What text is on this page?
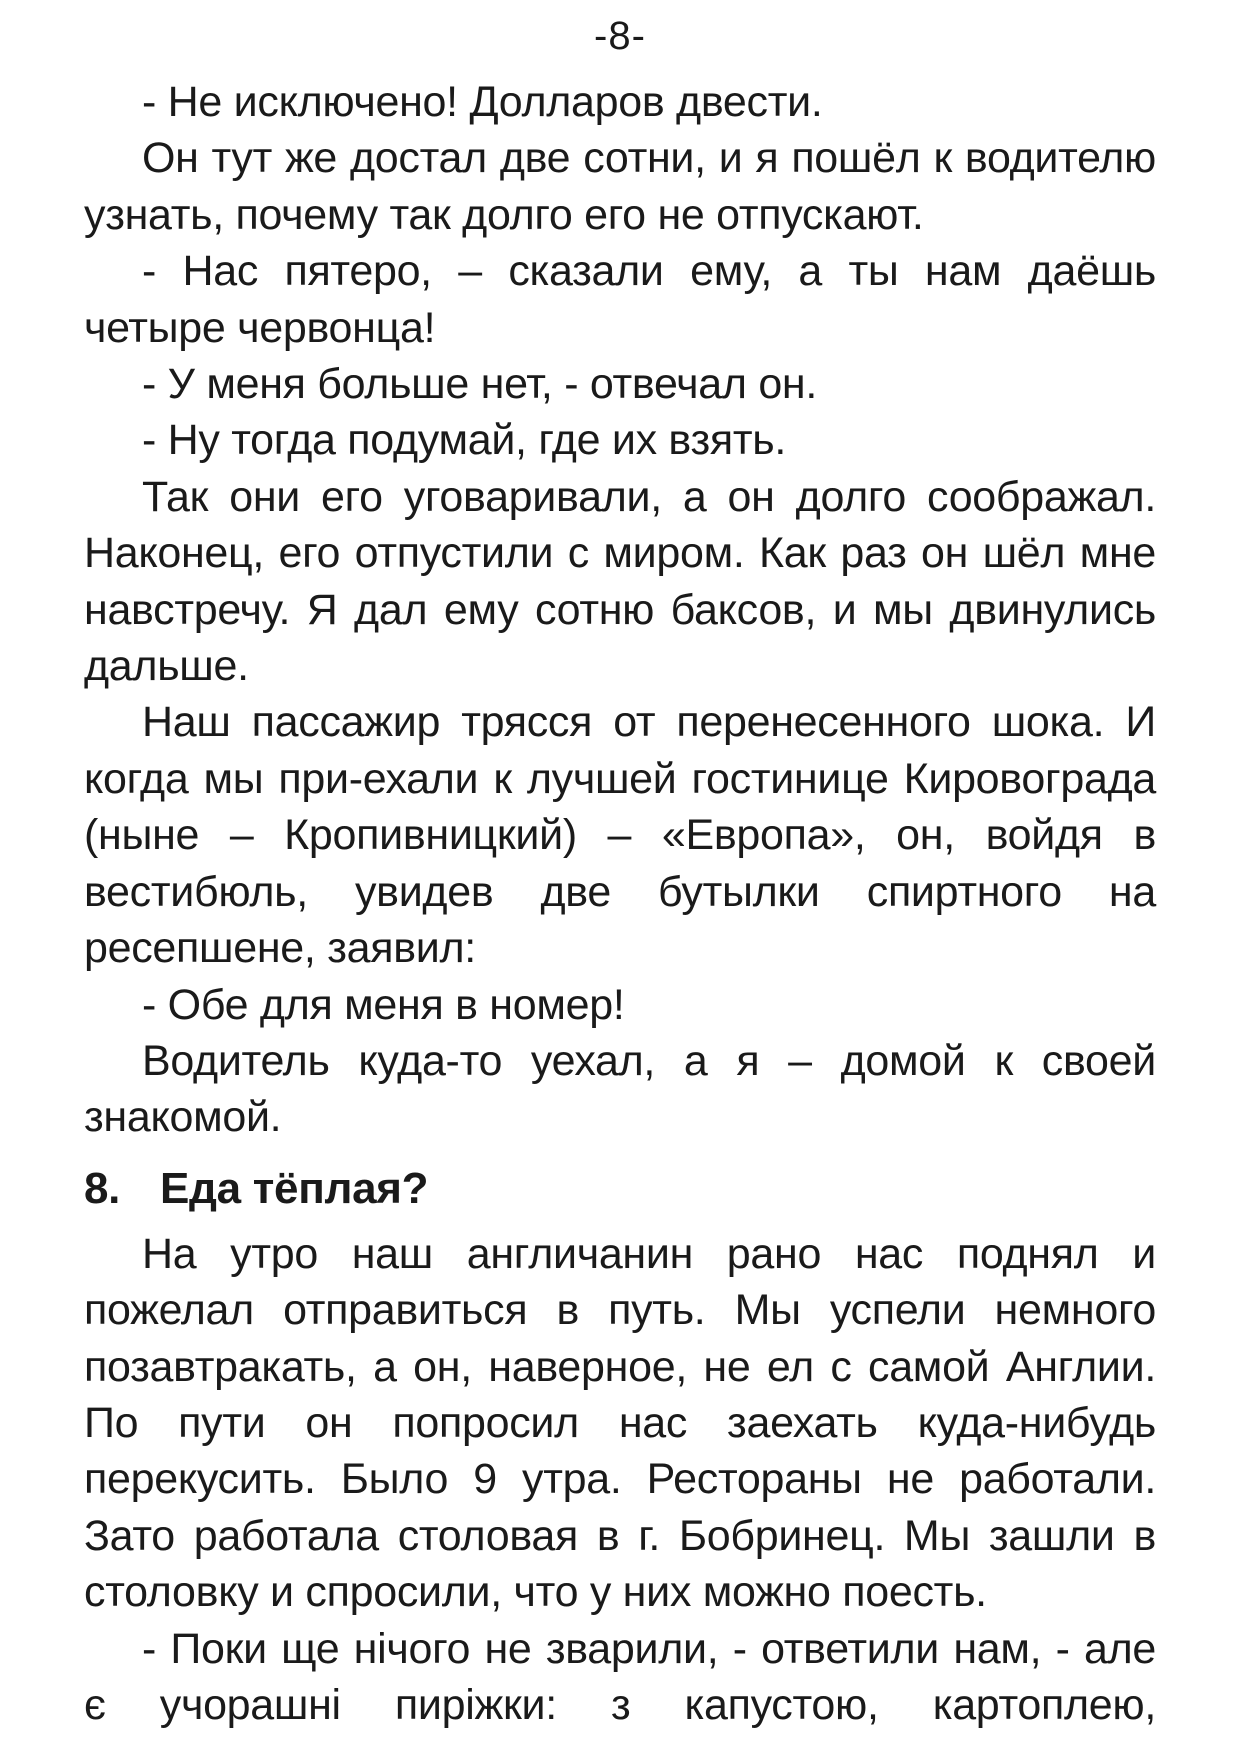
-8-

- Не исключено! Долларов двести.

Он тут же достал две сотни, и я пошёл к водителю узнать, почему так долго его не отпускают.

- Нас пятеро, – сказали ему, а ты нам даёшь четыре червонца!

- У меня больше нет, - отвечал он.

- Ну тогда подумай, где их взять.

Так они его уговаривали, а он долго соображал. Наконец, его отпустили с миром. Как раз он шёл мне навстречу. Я дал ему сотню баксов, и мы двинулись дальше.

Наш пассажир трясся от перенесенного шока. И когда мы при-ехали к лучшей гостинице Кировограда (ныне – Кропивницкий) – «Европа», он, войдя в вестибюль, увидев две бутылки спиртного на ресепшене, заявил:

- Обе для меня в номер!

Водитель куда-то уехал, а я – домой к своей знакомой.

8. Еда тёплая?

На утро наш англичанин рано нас поднял и пожелал отправиться в путь. Мы успели немного позавтракать, а он, наверное, не ел с самой Англии. По пути он попросил нас заехать куда-нибудь перекусить. Было 9 утра. Рестораны не работали. Зато работала столовая в г. Бобринец. Мы зашли в столовку и спросили, что у них можно поесть.

- Поки ще нічого не зварили, - ответили нам, - але є учорашні пиріжки: з капустою, картоплею,
